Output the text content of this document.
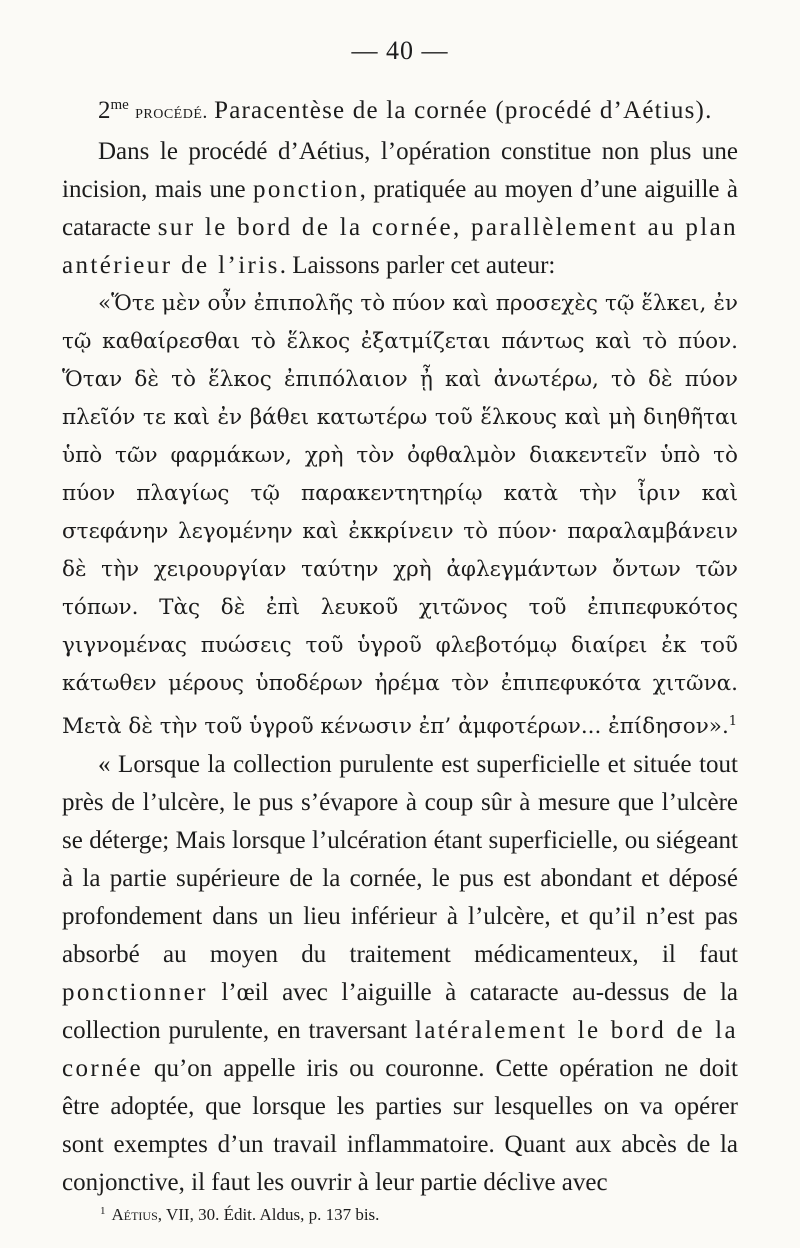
— 40 —
$2^{me}$ procédé. Paracentèse de la cornée (procédé d’Aétius).

Dans le procédé d’Aétius, l’opération constitue non plus une incision, mais une ponction, pratiquée au moyen d’une aiguille à cataracte sur le bord de la cornée, parallèlement au plan antérieur de l’iris. Laissons parler cet auteur:

«Ὅτε μὲν οὖν ἐπιπολῆς τὸ πύον καὶ προσεχὲς τῷ ἕλκει, ἐν τῷ καθαίρεσθαι τὸ ἕλκος ἐξατμίζεται πάντως καὶ τὸ πύον. Ὅταν δὲ τὸ ἕλκος ἐπιπόλαιον ᾖ καὶ ἀνωτέρω, τὸ δὲ πύον πλεῖόν τε καὶ ἐν βάθει κατωτέρω τοῦ ἕλκους καὶ μὴ διηθῆται ὑπὸ τῶν φαρμάκων, χρὴ τὸν ὀφθαλμὸν διακεντεῖν ὑπὸ τὸ πύον πλαγίως τῷ παρακεντητηρίῳ κατὰ τὴν ἶριν καὶ στεφάνην λεγομένην καὶ ἐκκρίνειν τὸ πύον· παραλαμβάνειν δὲ τὴν χειρουργίαν ταύτην χρὴ ἀφλεγμάντων ὄντων τῶν τόπων. Τὰς δὲ ἐπὶ λευκοῦ χιτῶνος τοῦ ἐπιπεφυκότος γιγνομένας πυώσεις τοῦ ὑγροῦ φλεβοτόμῳ διαίρει ἐκ τοῦ κάτωθεν μέρους ὑποδέρων ἠρέμα τὸν ἐπιπεφυκότα χιτῶνα. Μετὰ δὲ τὴν τοῦ ὑγροῦ κένωσιν ἐπ’ ἀμφοτέρων... ἐπίδησον».$^1$

« Lorsque la collection purulente est superficielle et située tout près de l’ulcère, le pus s’évapore à coup sûr à mesure que l’ulcère se déterge; Mais lorsque l’ulcération étant superficielle, ou siégeant à la partie supérieure de la cornée, le pus est abondant et déposé profondement dans un lieu inférieur à l’ulcère, et qu’il n’est pas absorbé au moyen du traitement médicamenteux, il faut ponctionner l’œil avec l’aiguille à cataracte au-dessus de la collection purulente, en traversant latéralement le bord de la cornée qu’on appelle iris ou couronne. Cette opération ne doit être adoptée, que lorsque les parties sur lesquelles on va opérer sont exemptes d’un travail inflammatoire. Quant aux abcès de la conjonctive, il faut les ouvrir à leur partie déclive avec

$^1$ Aétius, VII, 30. Édit. Aldus, p. 137 bis.
